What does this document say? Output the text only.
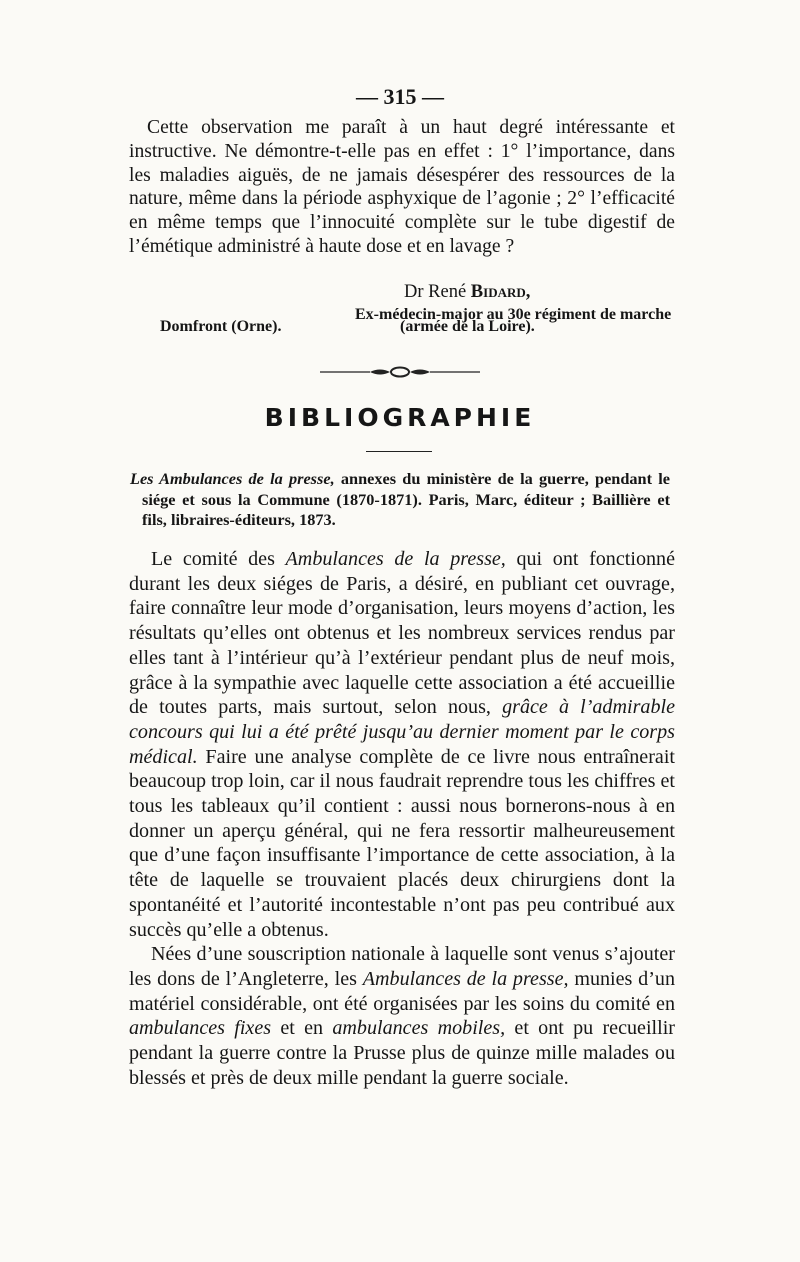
— 315 —

Cette observation me paraît à un haut degré intéressante et instructive. Ne démontre-t-elle pas en effet : 1° l’importance, dans les maladies aiguës, de ne jamais désespérer des ressources de la nature, même dans la période asphyxique de l’agonie ; 2° l’efficacité en même temps que l’innocuité complète sur le tube digestif de l’émétique administré à haute dose et en lavage ?

Dr René Bidard,
Ex-médecin-major au 30e régiment de marche
Domfront (Orne).	(armée de la Loire).
BIBLIOGRAPHIE

Les Ambulances de la presse, annexes du ministère de la guerre, pendant le siége et sous la Commune (1870-1871). Paris, Marc, éditeur ; Baillière et fils, libraires-éditeurs, 1873.

Le comité des Ambulances de la presse, qui ont fonctionné durant les deux siéges de Paris, a désiré, en publiant cet ouvrage, faire connaître leur mode d’organisation, leurs moyens d’action, les résultats qu’elles ont obtenus et les nombreux services rendus par elles tant à l’intérieur qu’à l’extérieur pendant plus de neuf mois, grâce à la sympathie avec laquelle cette association a été accueillie de toutes parts, mais surtout, selon nous, grâce à l’admirable concours qui lui a été prêté jusqu’au dernier moment par le corps médical. Faire une analyse complète de ce livre nous entraînerait beaucoup trop loin, car il nous faudrait reprendre tous les chiffres et tous les tableaux qu’il contient : aussi nous bornerons-nous à en donner un aperçu général, qui ne fera ressortir malheureusement que d’une façon insuffisante l’importance de cette association, à la tête de laquelle se trouvaient placés deux chirurgiens dont la spontanéité et l’autorité incontestable n’ont pas peu contribué aux succès qu’elle a obtenus.

Nées d’une souscription nationale à laquelle sont venus s’ajouter les dons de l’Angleterre, les Ambulances de la presse, munies d’un matériel considérable, ont été organisées par les soins du comité en ambulances fixes et en ambulances mobiles, et ont pu recueillir pendant la guerre contre la Prusse plus de quinze mille malades ou blessés et près de deux mille pendant la guerre sociale.
